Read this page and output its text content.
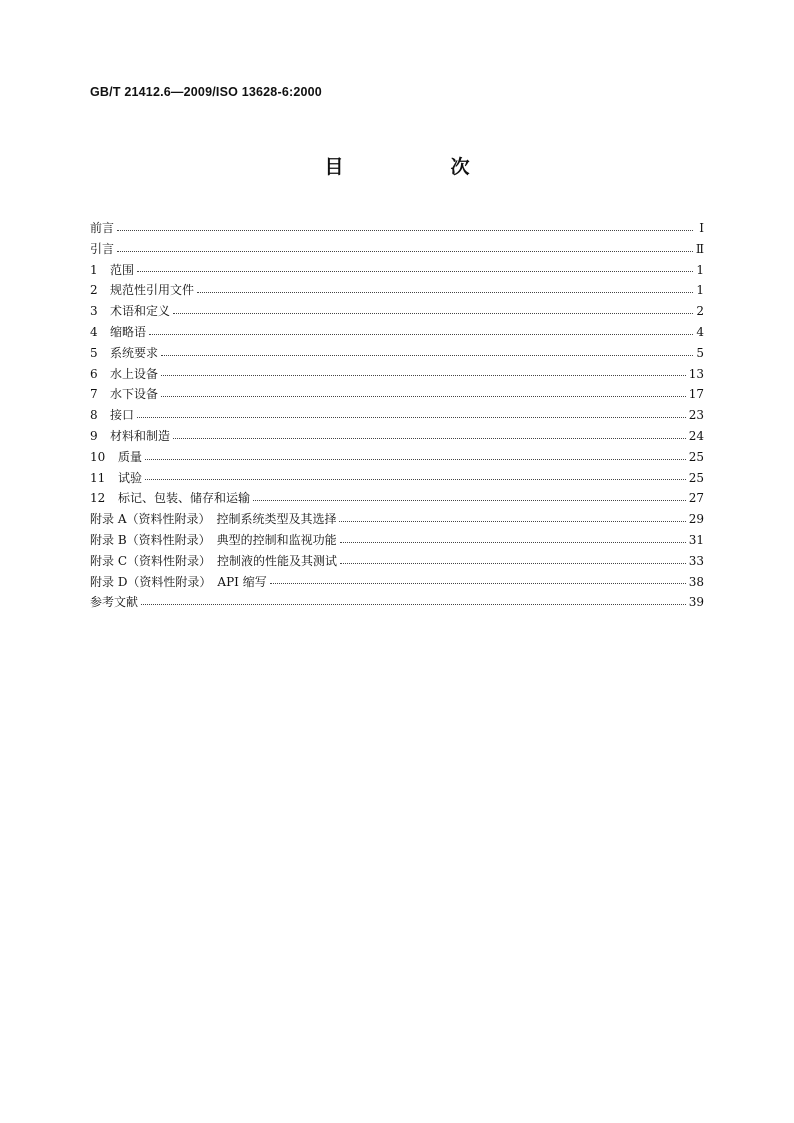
GB/T 21412.6—2009/ISO 13628-6:2000
目　次
前言	Ⅰ
引言	Ⅱ
1 范围	1
2 规范性引用文件	1
3 术语和定义	2
4 缩略语	4
5 系统要求	5
6 水上设备	13
7 水下设备	17
8 接口	23
9 材料和制造	24
10 质量	25
11 试验	25
12 标记、包装、储存和运输	27
附录 A（资料性附录）　控制系统类型及其选择	29
附录 B（资料性附录）　典型的控制和监视功能	31
附录 C（资料性附录）　控制液的性能及其测试	33
附录 D（资料性附录）　API 缩写	38
参考文献	39
